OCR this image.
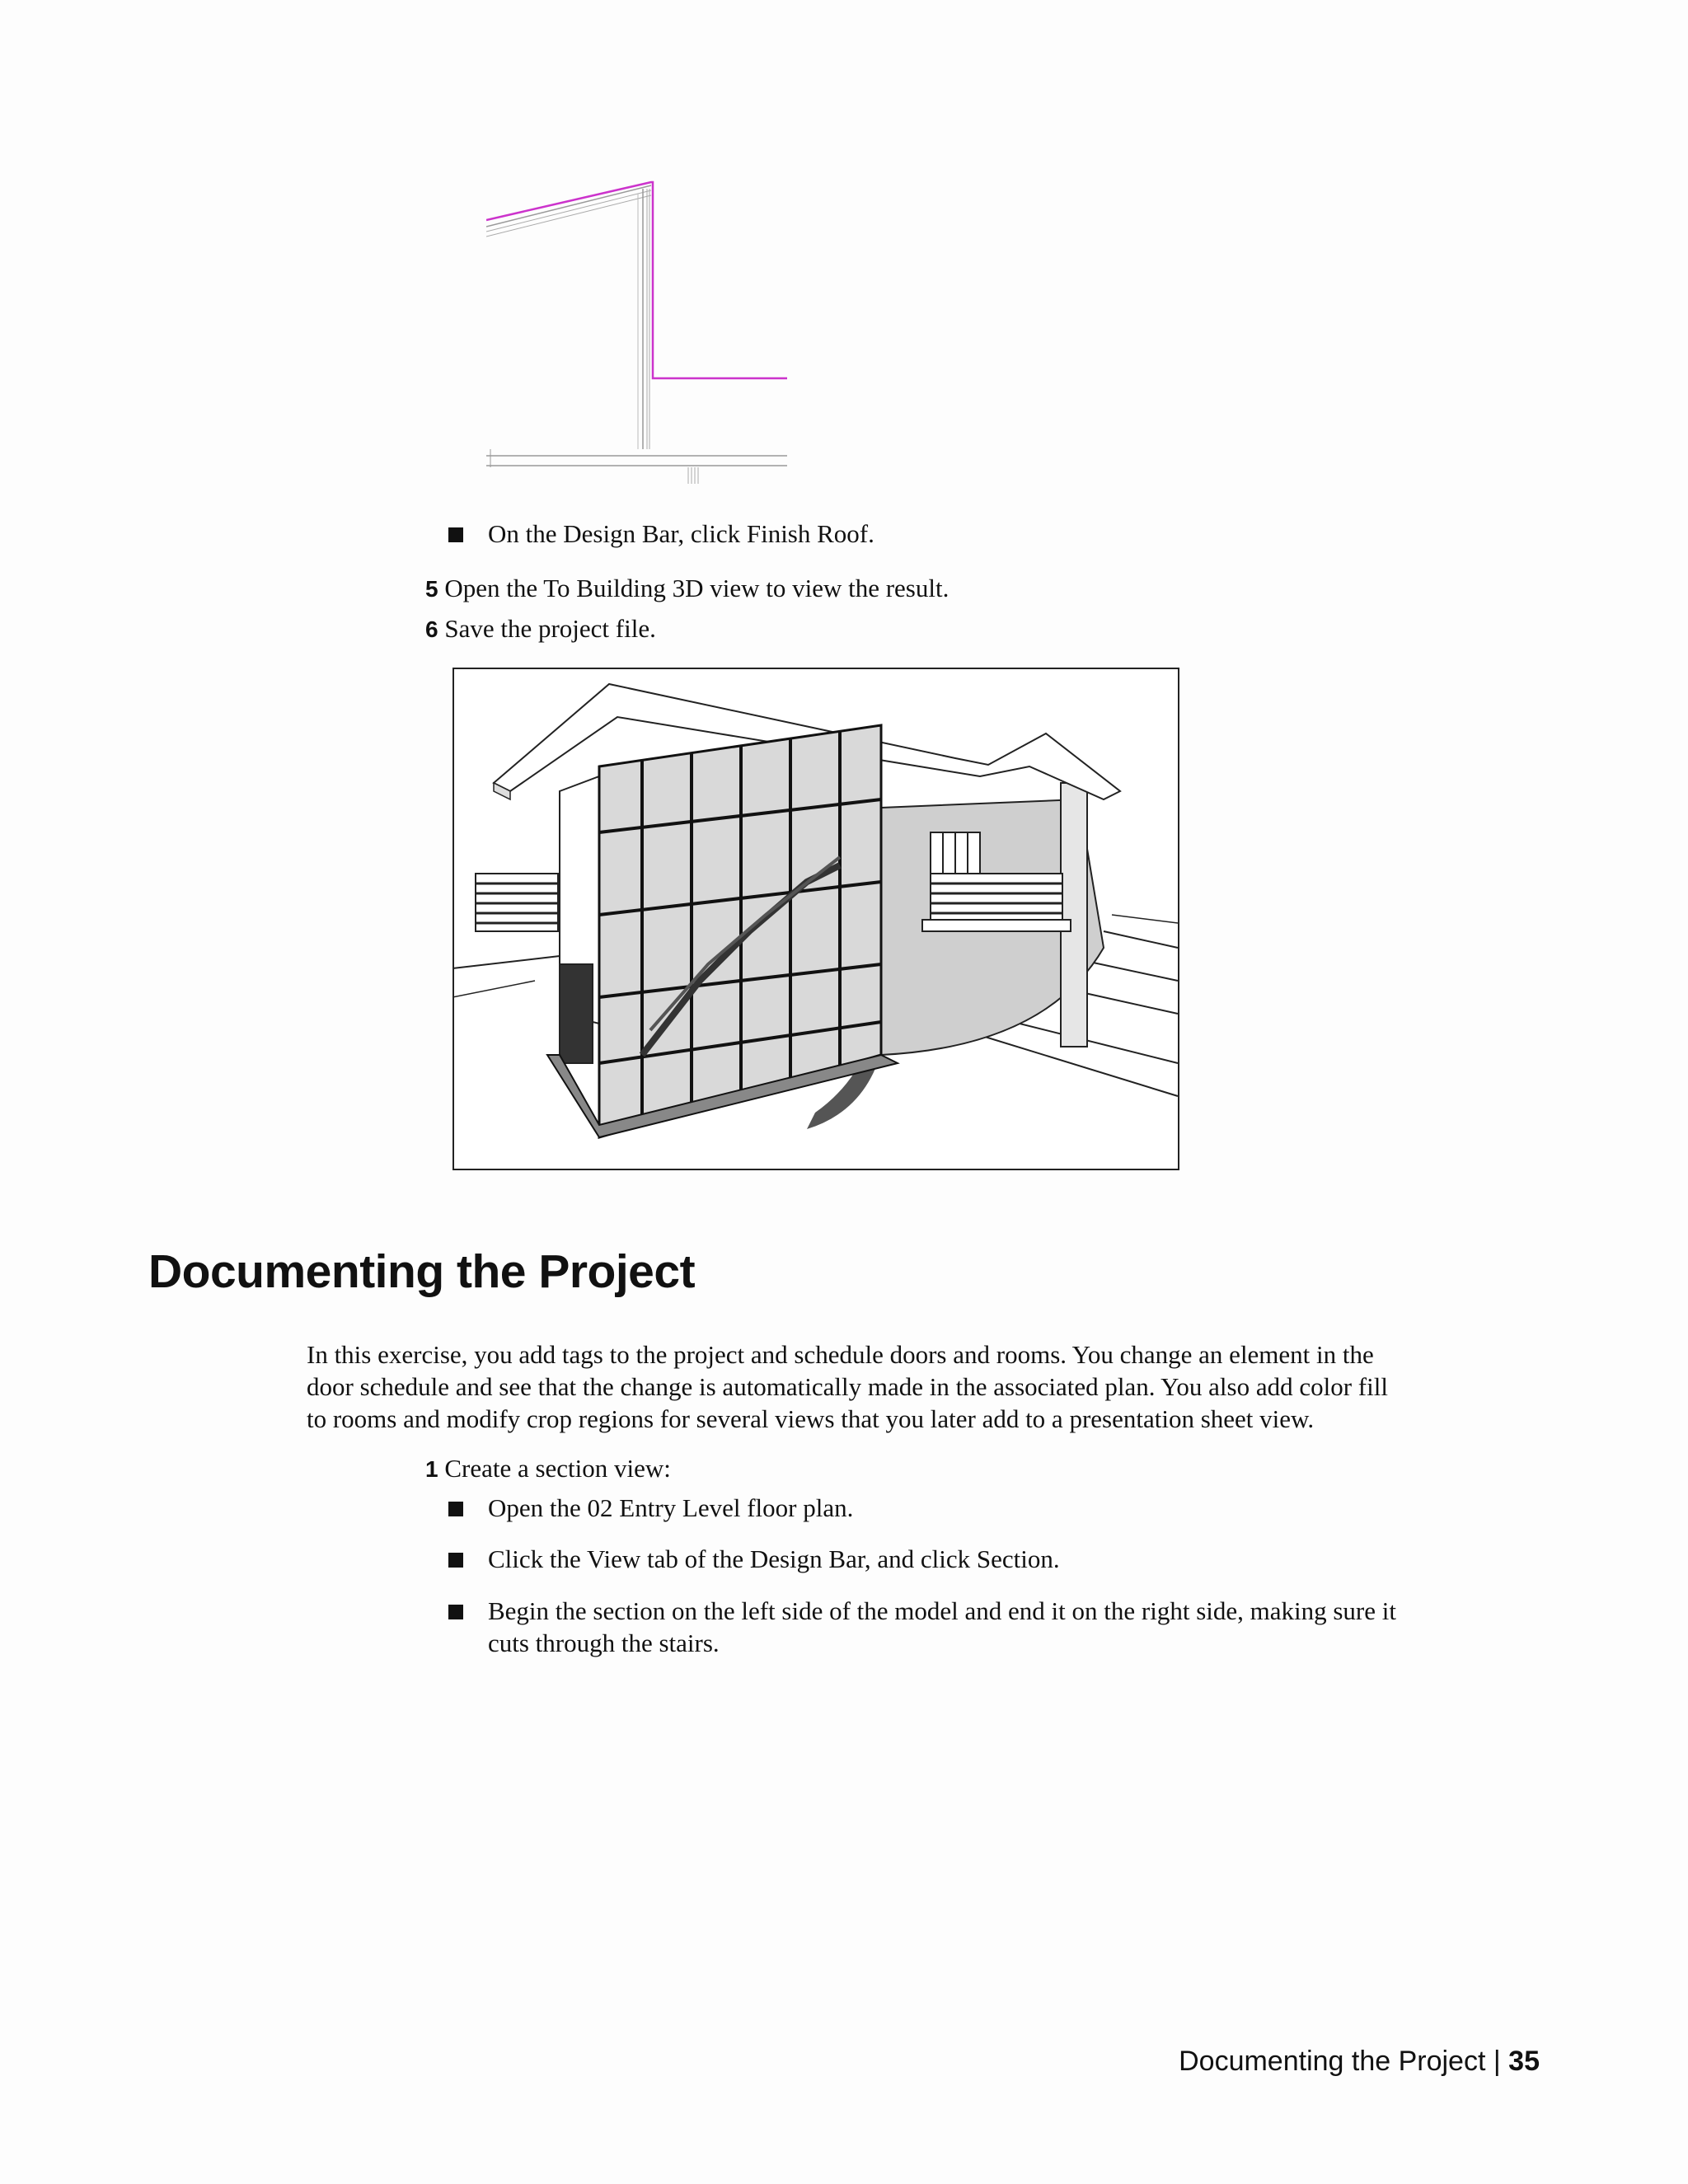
On the Design Bar, click Finish Roof.
5 Open the To Building 3D view to view the result.
6 Save the project file.
Documenting the Project
In this exercise, you add tags to the project and schedule doors and rooms. You change an element in the
door schedule and see that the change is automatically made in the associated plan. You also add color fill
to rooms and modify crop regions for several views that you later add to a presentation sheet view.
1 Create a section view:
Open the 02 Entry Level floor plan.
Click the View tab of the Design Bar, and click Section.
Begin the section on the left side of the model and end it on the right side, making sure it
cuts through the stairs.
Documenting the Project | 35
